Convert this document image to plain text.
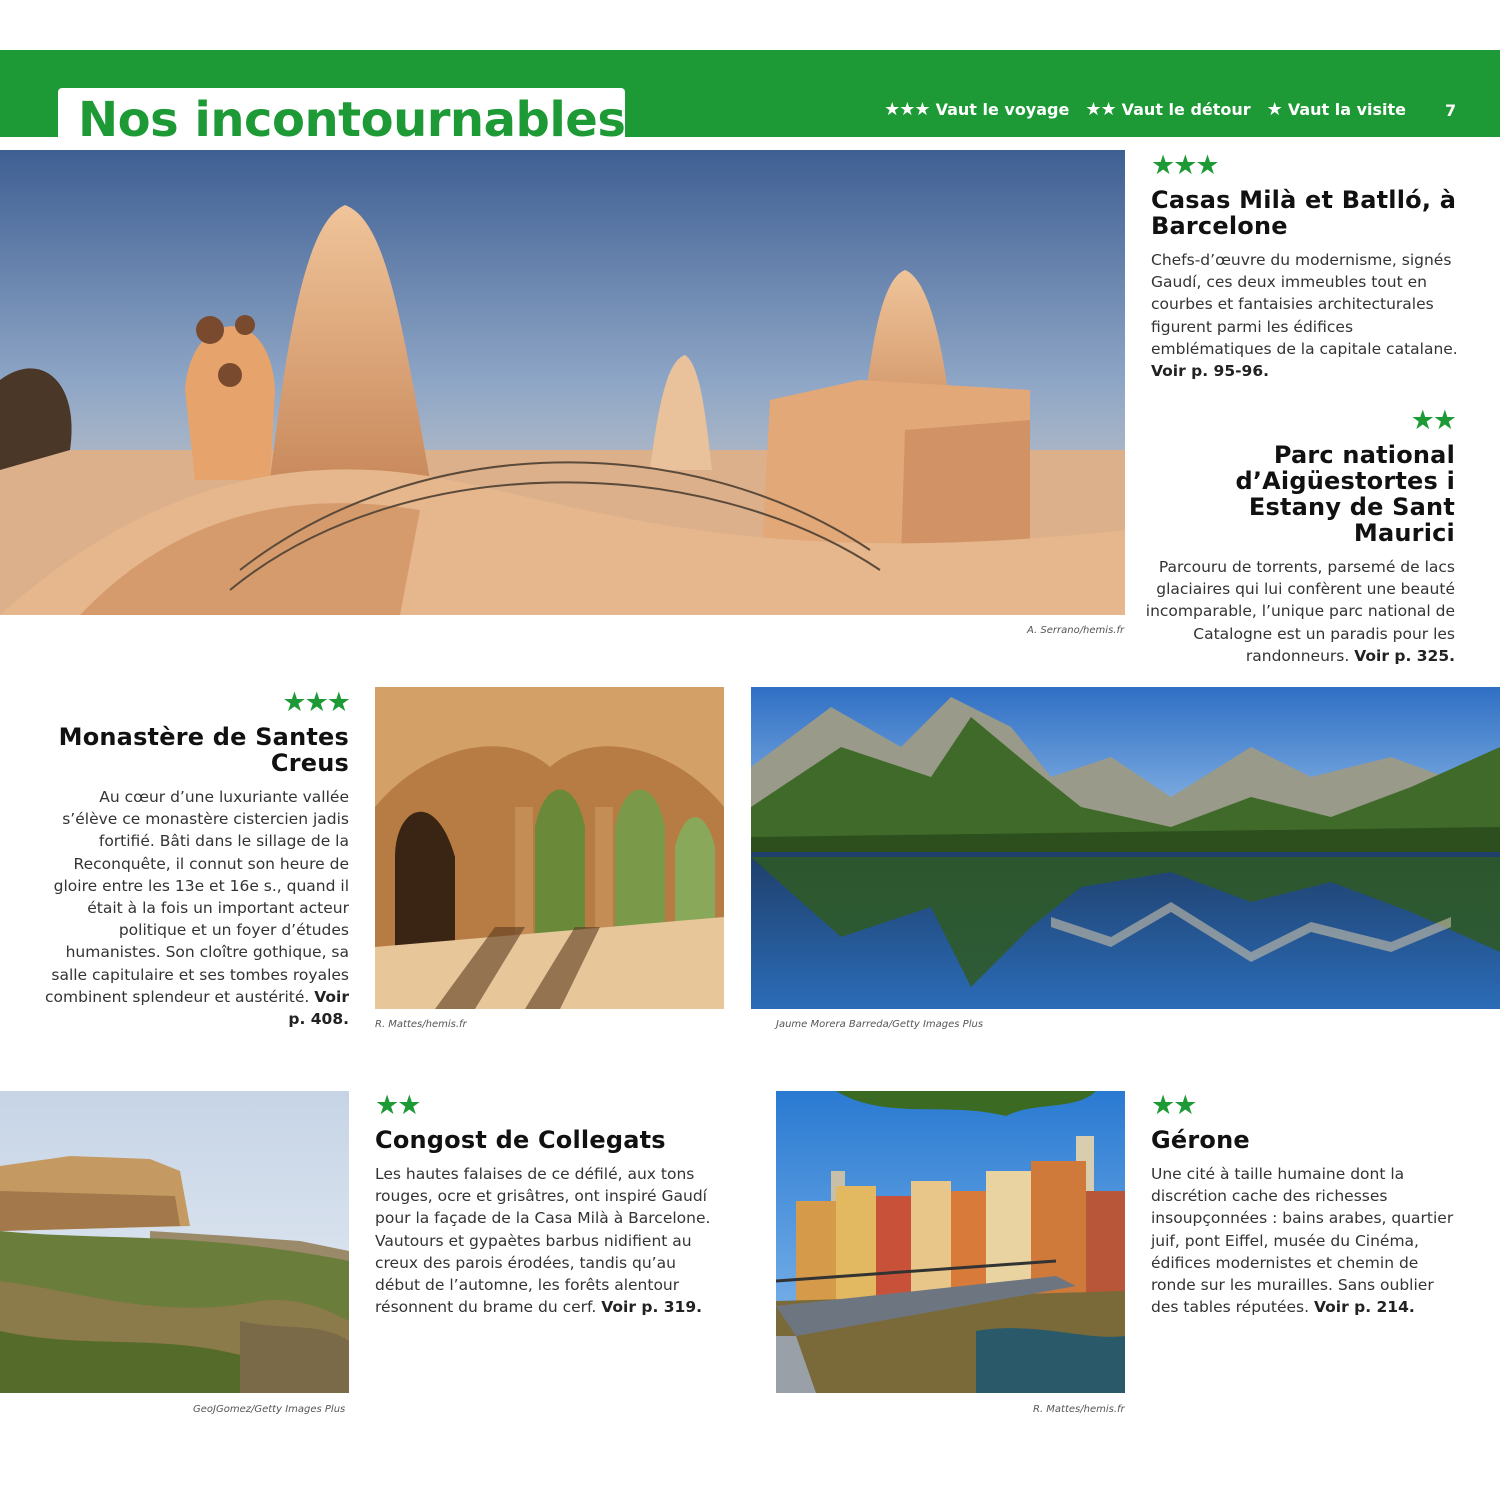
Nos incontournables	★★★ Vaut le voyage ★★ Vaut le détour ★ Vaut la visite 7
A. Serrano/hemis.fr
★★★
Casas Milà et Batlló, à Barcelone
Chefs-d’œuvre du modernisme, signés Gaudí, ces deux immeubles tout en courbes et fantaisies architecturales figurent parmi les édifices emblématiques de la capitale catalane. Voir p. 95-96.
★★
Parc national d’Aigüestortes i Estany de Sant Maurici
Parcouru de torrents, parsemé de lacs glaciaires qui lui confèrent une beauté incomparable, l’unique parc national de Catalogne est un paradis pour les randonneurs. Voir p. 325.
★★★
Monastère de Santes Creus
Au cœur d’une luxuriante vallée s’élève ce monastère cistercien jadis fortifié. Bâti dans le sillage de la Reconquête, il connut son heure de gloire entre les 13e et 16e s., quand il était à la fois un important acteur politique et un foyer d’études humanistes. Son cloître gothique, sa salle capitulaire et ses tombes royales combinent splendeur et austérité. Voir p. 408.	R. Mattes/hemis.fr	Jaume Morera Barreda/Getty Images Plus
GeoJGomez/Getty Images Plus
★★
Congost de Collegats
Les hautes falaises de ce défilé, aux tons rouges, ocre et grisâtres, ont inspiré Gaudí pour la façade de la Casa Milà à Barcelone. Vautours et gypaètes barbus nidifient au creux des parois érodées, tandis qu’au début de l’automne, les forêts alentour résonnent du brame du cerf. Voir p. 319.
R. Mattes/hemis.fr
★★
Gérone
Une cité à taille humaine dont la discrétion cache des richesses insoupçonnées : bains arabes, quartier juif, pont Eiffel, musée du Cinéma, édifices modernistes et chemin de ronde sur les murailles. Sans oublier des tables réputées. Voir p. 214.
